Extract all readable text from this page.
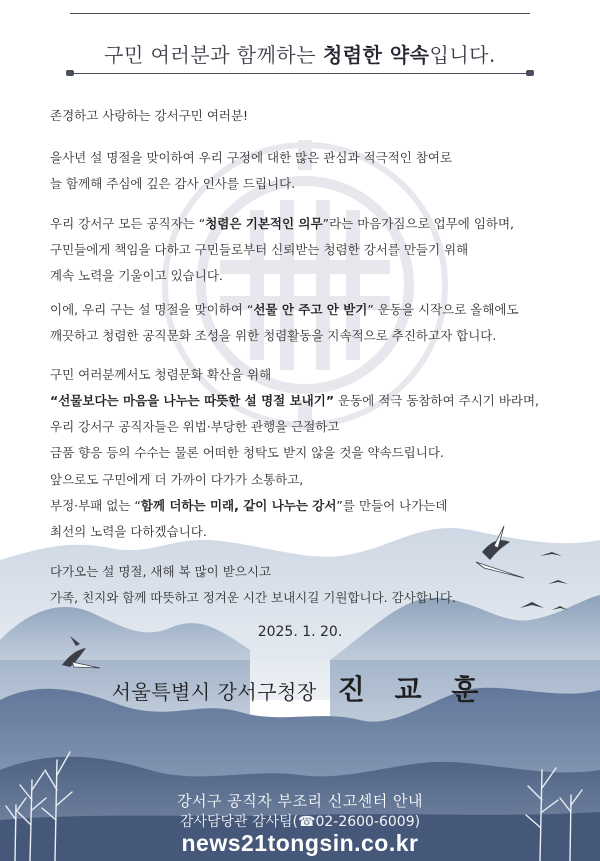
구민 여러분과 함께하는 청렴한 약속입니다.
존경하고 사랑하는 강서구민 여러분!
을사년 설 명절을 맞이하여 우리 구정에 대한 많은 관심과 적극적인 참여로
늘 함께해 주심에 깊은 감사 인사를 드립니다.
우리 강서구 모든 공직자는 “청렴은 기본적인 의무”라는 마음가짐으로 업무에 임하며,
구민들에게 책임을 다하고 구민들로부터 신뢰받는 청렴한 강서를 만들기 위해
계속 노력을 기울이고 있습니다.
이에, 우리 구는 설 명절을 맞이하여 “선물 안 주고 안 받기” 운동을 시작으로 올해에도
깨끗하고 청렴한 공직문화 조성을 위한 청렴활동을 지속적으로 추진하고자 합니다.
구민 여러분께서도 청렴문화 확산을 위해
“선물보다는 마음을 나누는 따뜻한 설 명절 보내기” 운동에 적극 동참하여 주시기 바라며,
우리 강서구 공직자들은 위법·부당한 관행을 근절하고
금품 향응 등의 수수는 물론 어떠한 청탁도 받지 않을 것을 약속드립니다.
앞으로도 구민에게 더 가까이 다가가 소통하고,
부정·부패 없는 “함께 더하는 미래, 같이 나누는 강서”를 만들어 나가는데
최선의 노력을 다하겠습니다.
다가오는 설 명절, 새해 복 많이 받으시고
가족, 친지와 함께 따뜻하고 정겨운 시간 보내시길 기원합니다. 감사합니다.
2025. 1. 20.
서울특별시 강서구청장 진 교 훈
강서구 공직자 부조리 신고센터 안내
감사담당관 감사팀(☎02-2600-6009)
news21tongsin.co.kr
